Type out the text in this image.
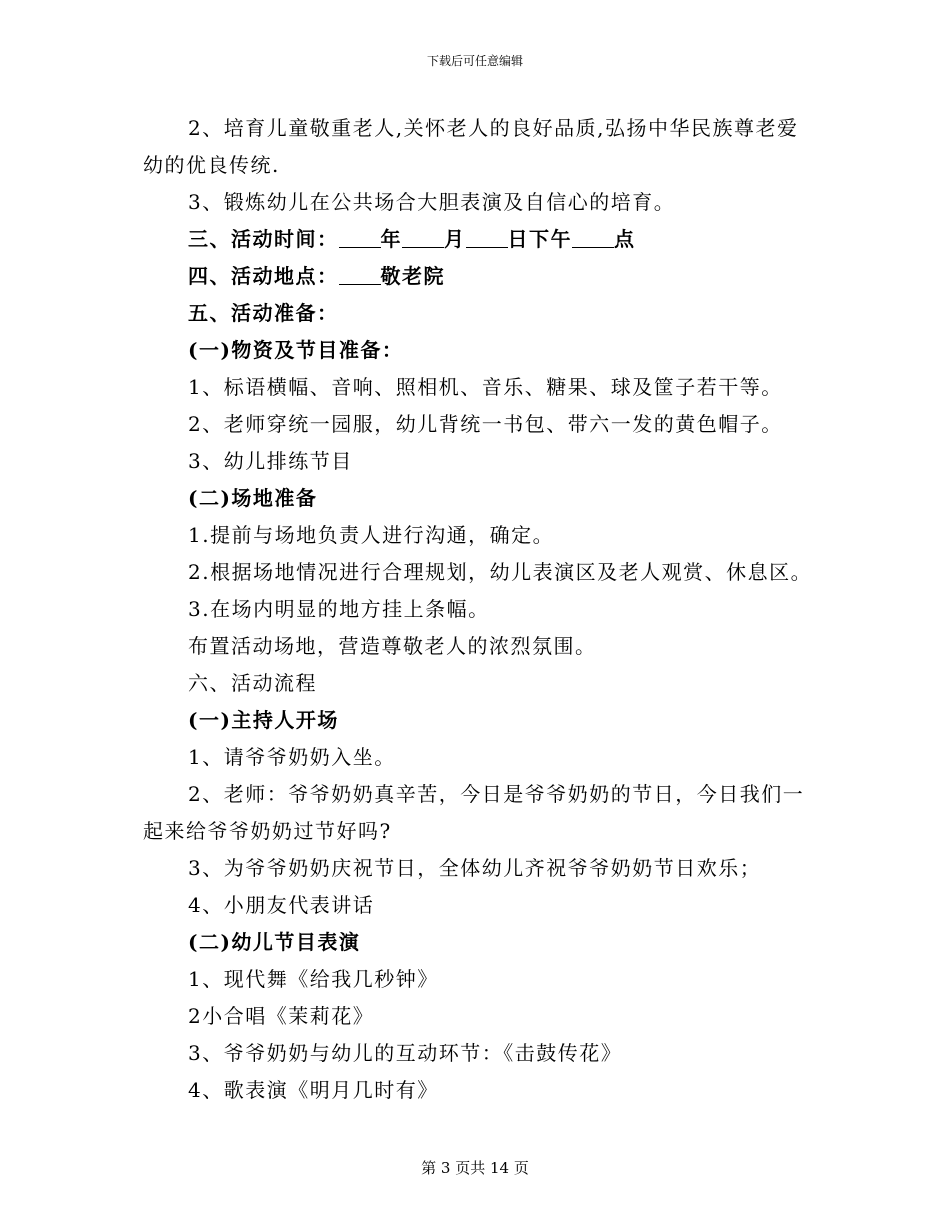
下载后可任意编辑
2、培育儿童敬重老人,关怀老人的良好品质,弘扬中华民族尊老爱
幼的优良传统.
3、锻炼幼儿在公共场合大胆表演及自信心的培育。
三、活动时间： 年 月 日下午 点
四、活动地点： 敬老院
五、活动准备：
(一)物资及节目准备：
1、标语横幅、音响、照相机、音乐、糖果、球及筐子若干等。
2、老师穿统一园服，幼儿背统一书包、带六一发的黄色帽子。
3、幼儿排练节目
(二)场地准备
1.提前与场地负责人进行沟通，确定。
2.根据场地情况进行合理规划，幼儿表演区及老人观赏、休息区。
3.在场内明显的地方挂上条幅。
布置活动场地，营造尊敬老人的浓烈氛围。
六、活动流程
(一)主持人开场
1、请爷爷奶奶入坐。
2、老师：爷爷奶奶真辛苦，今日是爷爷奶奶的节日，今日我们一
起来给爷爷奶奶过节好吗?
3、为爷爷奶奶庆祝节日，全体幼儿齐祝爷爷奶奶节日欢乐；
4、小朋友代表讲话
(二)幼儿节目表演
1、现代舞《给我几秒钟》
2小合唱《茉莉花》
3、爷爷奶奶与幼儿的互动环节：《击鼓传花》
4、歌表演《明月几时有》
第 3 页共 14 页
